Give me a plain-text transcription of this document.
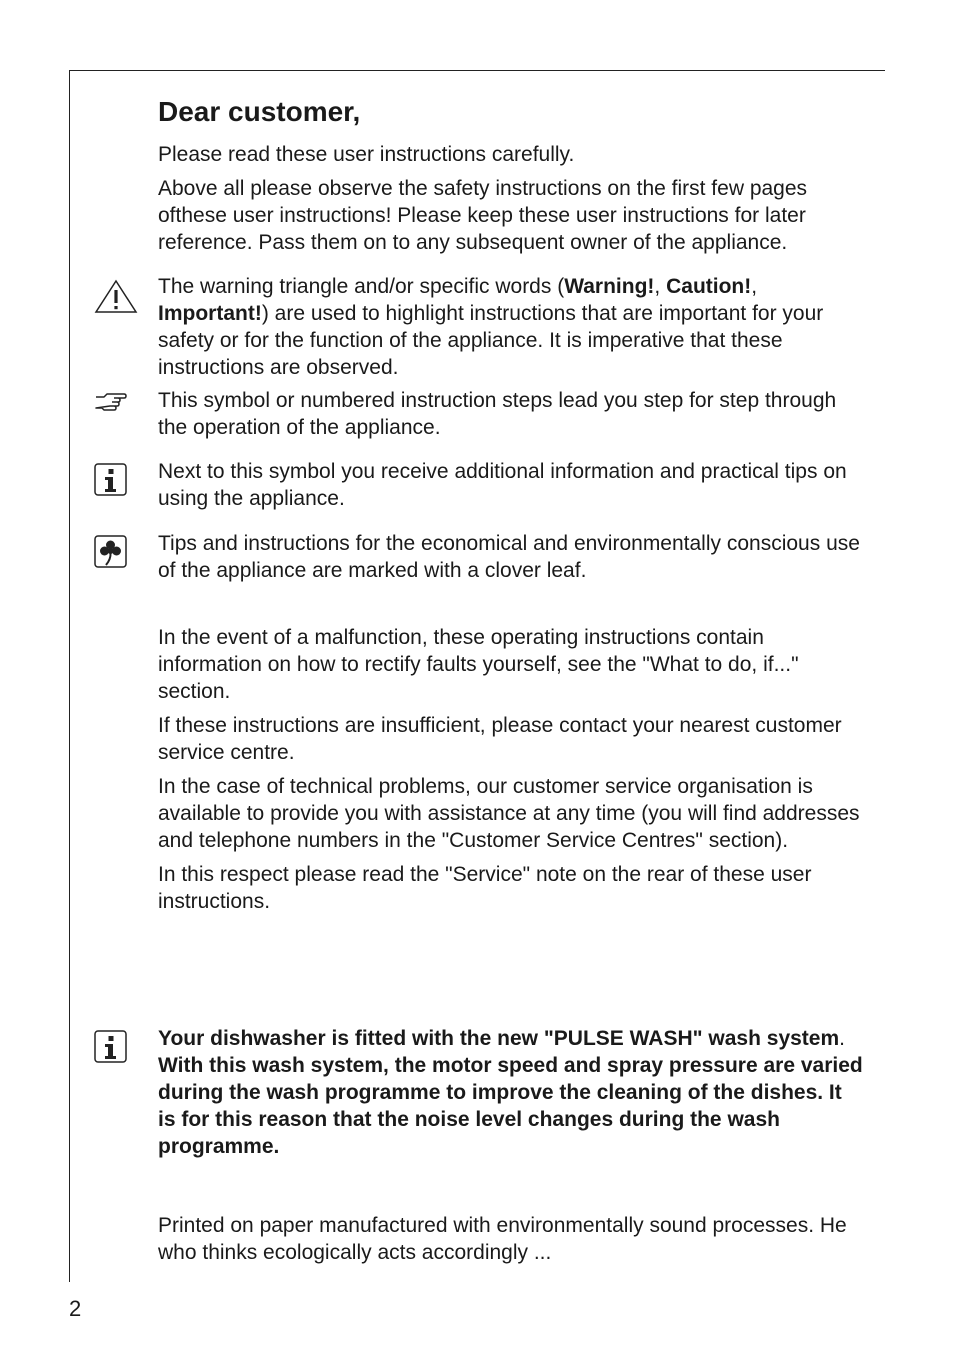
Dear customer,

Please read these user instructions carefully.

Above all please observe the safety instructions on the first few pages ofthese user instructions! Please keep these user instructions for later reference. Pass them on to any subsequent owner of the appliance.

The warning triangle and/or specific words (Warning!, Caution!, Important!) are used to highlight instructions that are important for your safety or for the function of the appliance. It is imperative that these instructions are observed.

This symbol or numbered instruction steps lead you step for step through the operation of the appliance.
Next to this symbol you receive additional information and practical tips on using the appliance.
Tips and instructions for the economical and environmentally conscious use of the appliance are marked with a clover leaf.

In the event of a malfunction, these operating instructions contain information on how to rectify faults yourself, see the "What to do, if..." section.

If these instructions are insufficient, please contact your nearest customer service centre.

In the case of technical problems, our customer service organisation is available to provide you with assistance at any time (you will find addresses and telephone numbers in the "Customer Service Centres" section).

In this respect please read the "Service" note on the rear of these user instructions.

Your dishwasher is fitted with the new "PULSE WASH" wash system. With this wash system, the motor speed and spray pressure are varied during the wash programme to improve the cleaning of the dishes. It is for this reason that the noise level changes during the wash programme.

Printed on paper manufactured with environmentally sound processes. He who thinks ecologically acts accordingly ...
2
